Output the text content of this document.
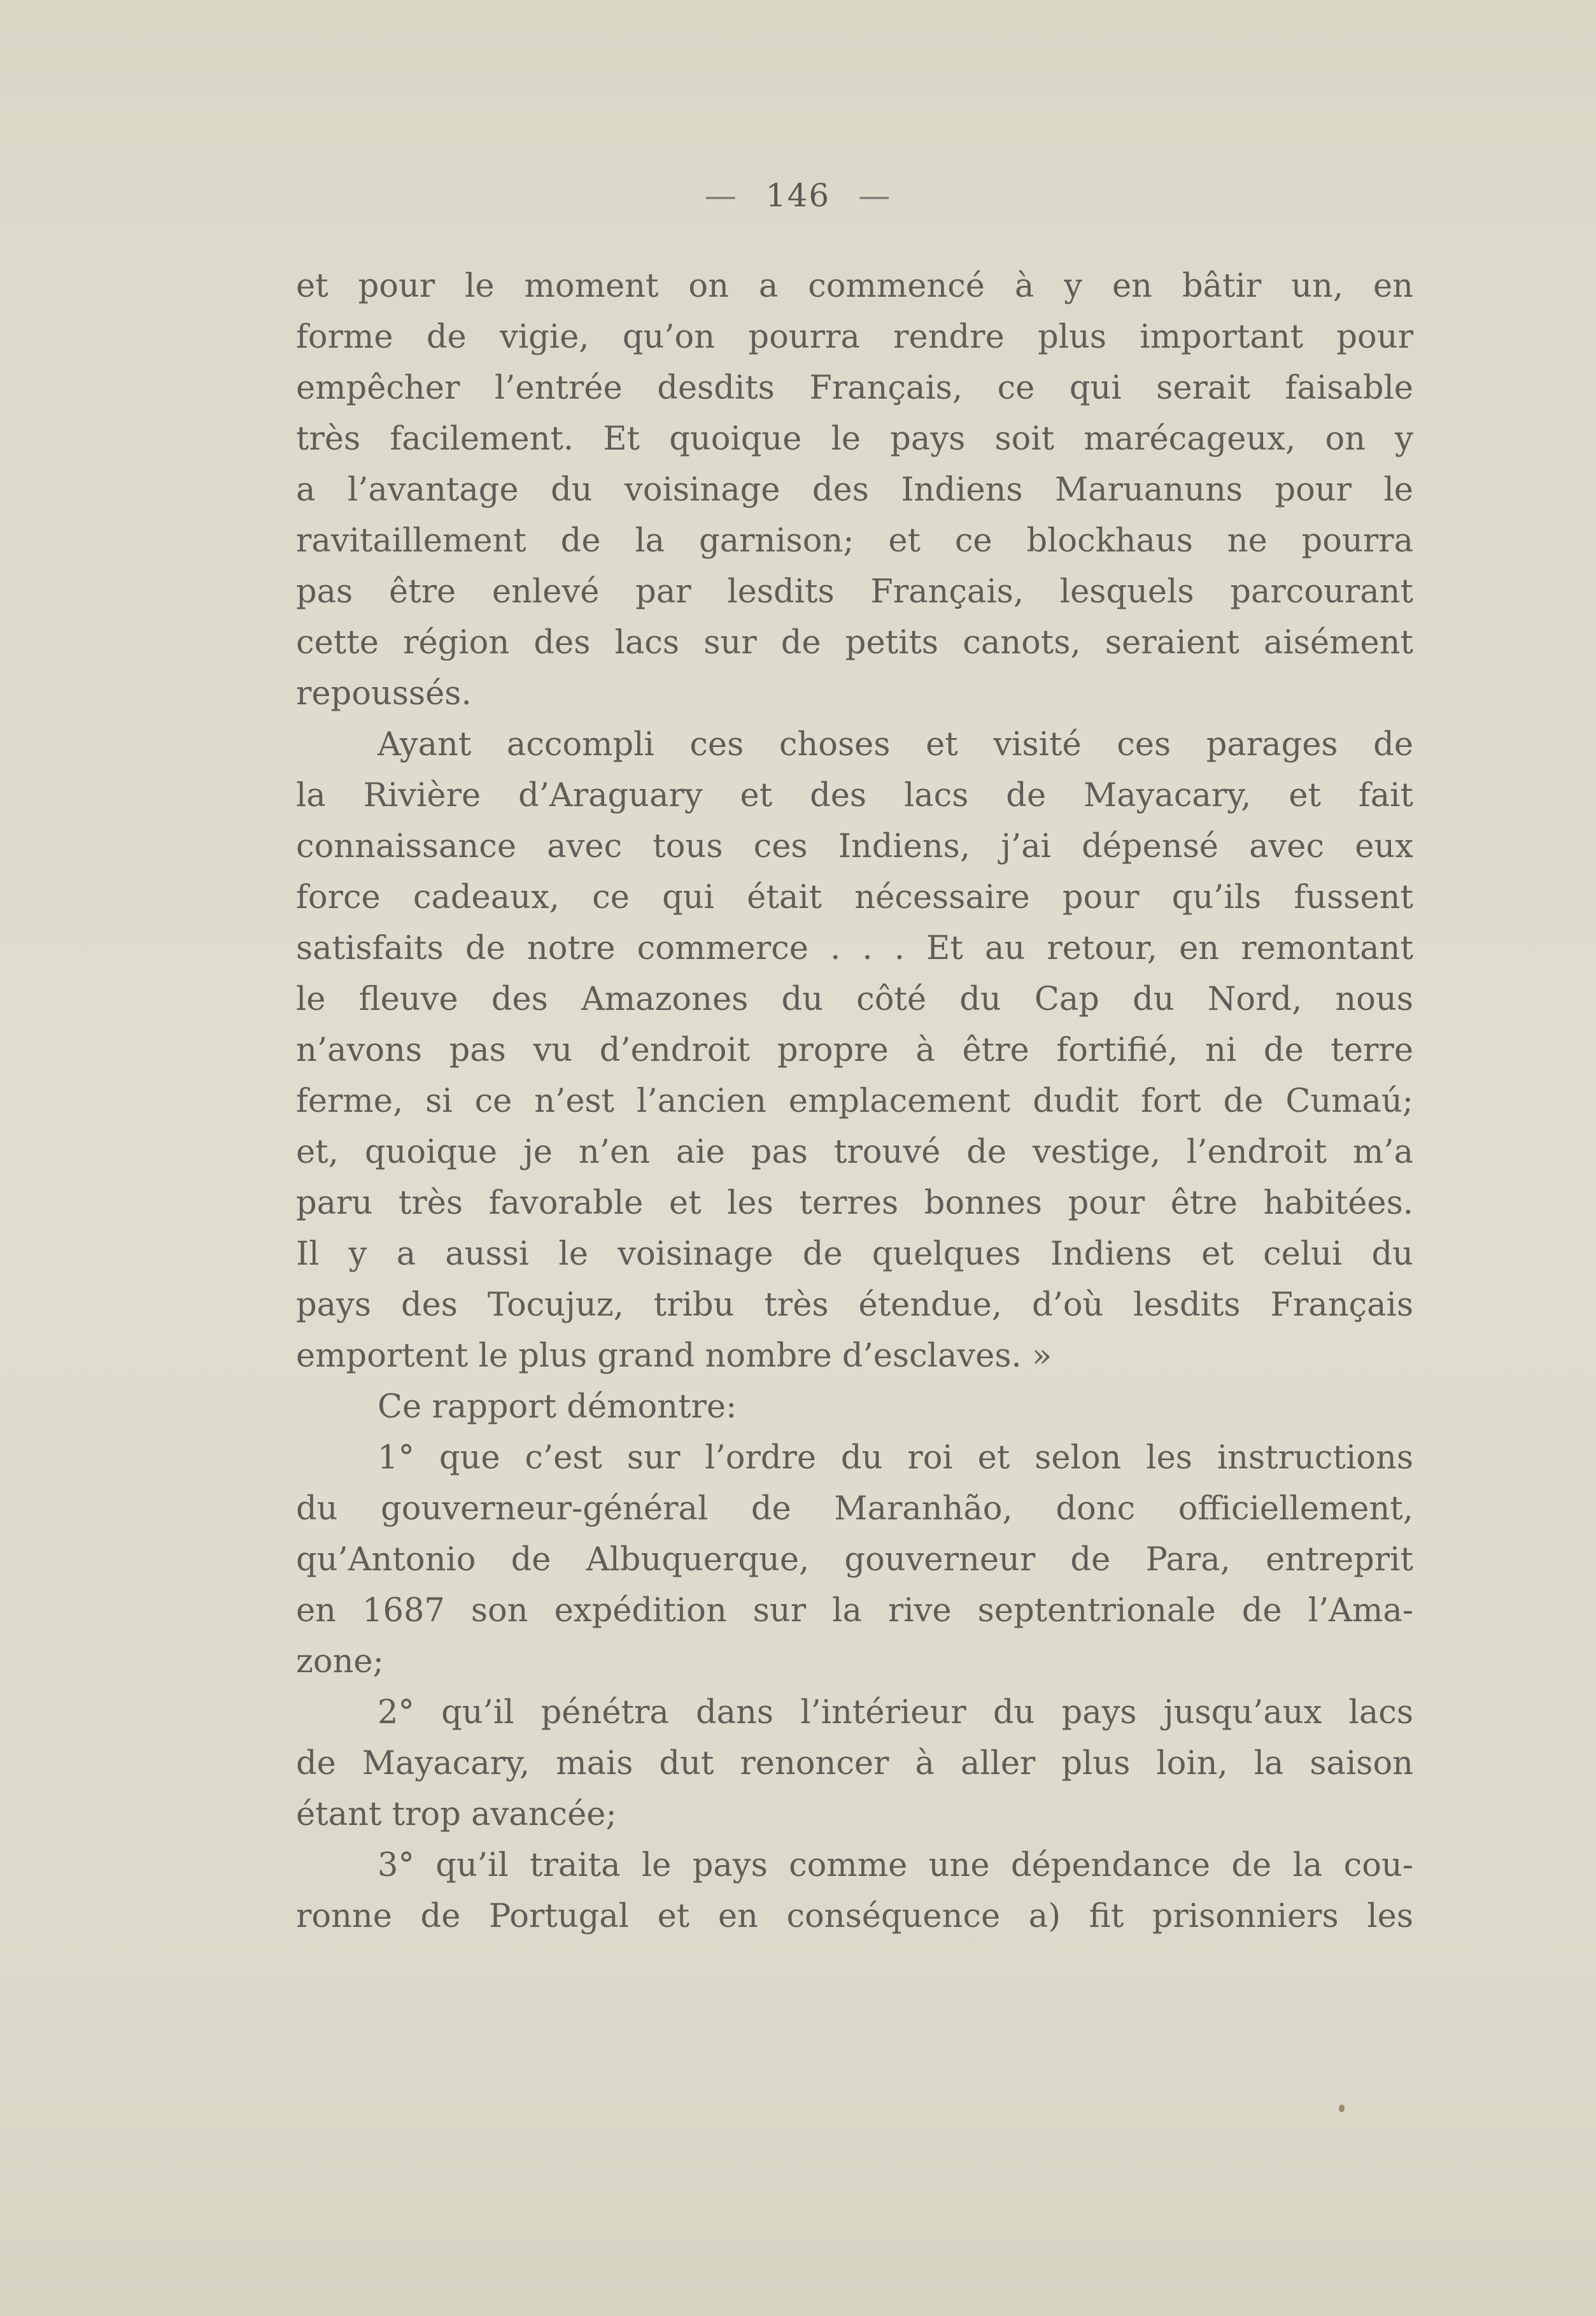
— 146 —
et pour le moment on a commencé à y en bâtir un, en
forme de vigie, qu’on pourra rendre plus important pour
empêcher l’entrée desdits Français, ce qui serait faisable
très facilement. Et quoique le pays soit marécageux, on y
a l’avantage du voisinage des Indiens Maruanuns pour le
ravitaillement de la garnison; et ce blockhaus ne pourra
pas être enlevé par lesdits Français, lesquels parcourant
cette région des lacs sur de petits canots, seraient aisément
repoussés.
Ayant accompli ces choses et visité ces parages de
la Rivière d’Araguary et des lacs de Mayacary, et fait
connaissance avec tous ces Indiens, j’ai dépensé avec eux
force cadeaux, ce qui était nécessaire pour qu’ils fussent
satisfaits de notre commerce . . . Et au retour, en remontant
le fleuve des Amazones du côté du Cap du Nord, nous
n’avons pas vu d’endroit propre à être fortifié, ni de terre
ferme, si ce n’est l’ancien emplacement dudit fort de Cumaú;
et, quoique je n’en aie pas trouvé de vestige, l’endroit m’a
paru très favorable et les terres bonnes pour être habitées.
Il y a aussi le voisinage de quelques Indiens et celui du
pays des Tocujuz, tribu très étendue, d’où lesdits Français
emportent le plus grand nombre d’esclaves. »
Ce rapport démontre:
1° que c’est sur l’ordre du roi et selon les instructions
du gouverneur-général de Maranhão, donc officiellement,
qu’Antonio de Albuquerque, gouverneur de Para, entreprit
en 1687 son expédition sur la rive septentrionale de l’Ama-
zone;
2° qu’il pénétra dans l’intérieur du pays jusqu’aux lacs
de Mayacary, mais dut renoncer à aller plus loin, la saison
étant trop avancée;
3° qu’il traita le pays comme une dépendance de la cou-
ronne de Portugal et en conséquence a) fit prisonniers les
